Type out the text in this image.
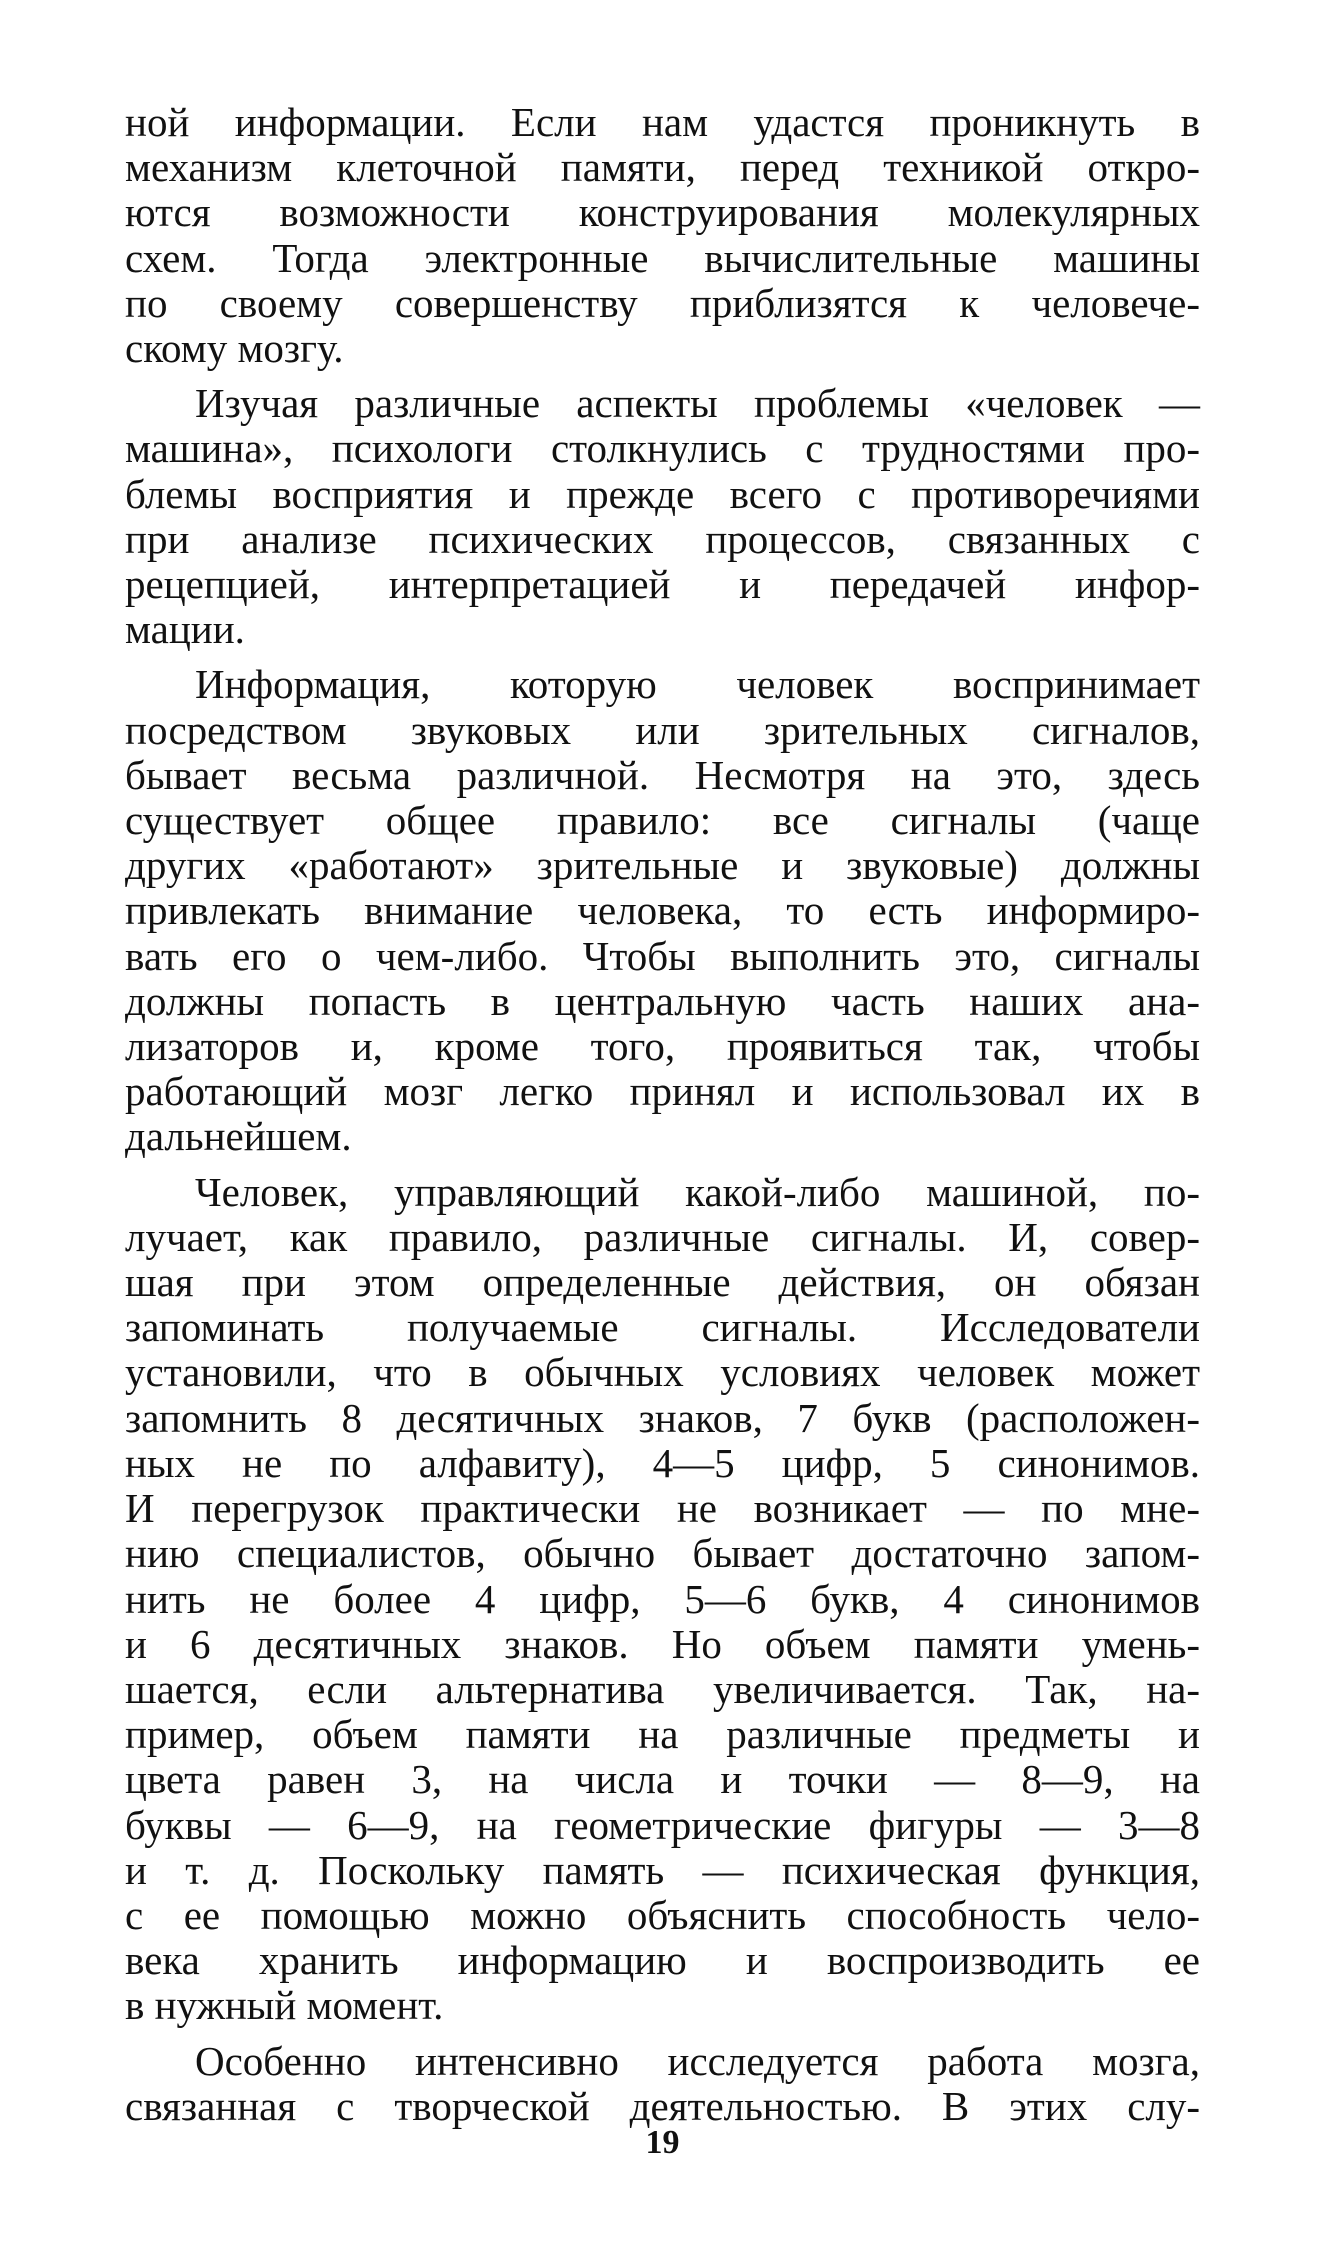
ной информации. Если нам удастся проникнуть в
механизм клеточной памяти, перед техникой откро-
ются возможности конструирования молекулярных
схем. Тогда электронные вычислительные машины
по своему совершенству приблизятся к человече-
скому мозгу.
Изучая различные аспекты проблемы «человек —
машина», психологи столкнулись с трудностями про-
блемы восприятия и прежде всего с противоречиями
при анализе психических процессов, связанных с
рецепцией, интерпретацией и передачей инфор-
мации.
Информация, которую человек воспринимает
посредством звуковых или зрительных сигналов,
бывает весьма различной. Несмотря на это, здесь
существует общее правило: все сигналы (чаще
других «работают» зрительные и звуковые) должны
привлекать внимание человека, то есть информиро-
вать его о чем-либо. Чтобы выполнить это, сигналы
должны попасть в центральную часть наших ана-
лизаторов и, кроме того, проявиться так, чтобы
работающий мозг легко принял и использовал их в
дальнейшем.
Человек, управляющий какой-либо машиной, по-
лучает, как правило, различные сигналы. И, совер-
шая при этом определенные действия, он обязан
запоминать получаемые сигналы. Исследователи
установили, что в обычных условиях человек может
запомнить 8 десятичных знаков, 7 букв (расположен-
ных не по алфавиту), 4—5 цифр, 5 синонимов.
И перегрузок практически не возникает — по мне-
нию специалистов, обычно бывает достаточно запом-
нить не более 4 цифр, 5—6 букв, 4 синонимов
и 6 десятичных знаков. Но объем памяти умень-
шается, если альтернатива увеличивается. Так, на-
пример, объем памяти на различные предметы и
цвета равен 3, на числа и точки — 8—9, на
буквы — 6—9, на геометрические фигуры — 3—8
и т. д. Поскольку память — психическая функция,
с ее помощью можно объяснить способность чело-
века хранить информацию и воспроизводить ее
в нужный момент.
Особенно интенсивно исследуется работа мозга,
связанная с творческой деятельностью. В этих слу-
19
